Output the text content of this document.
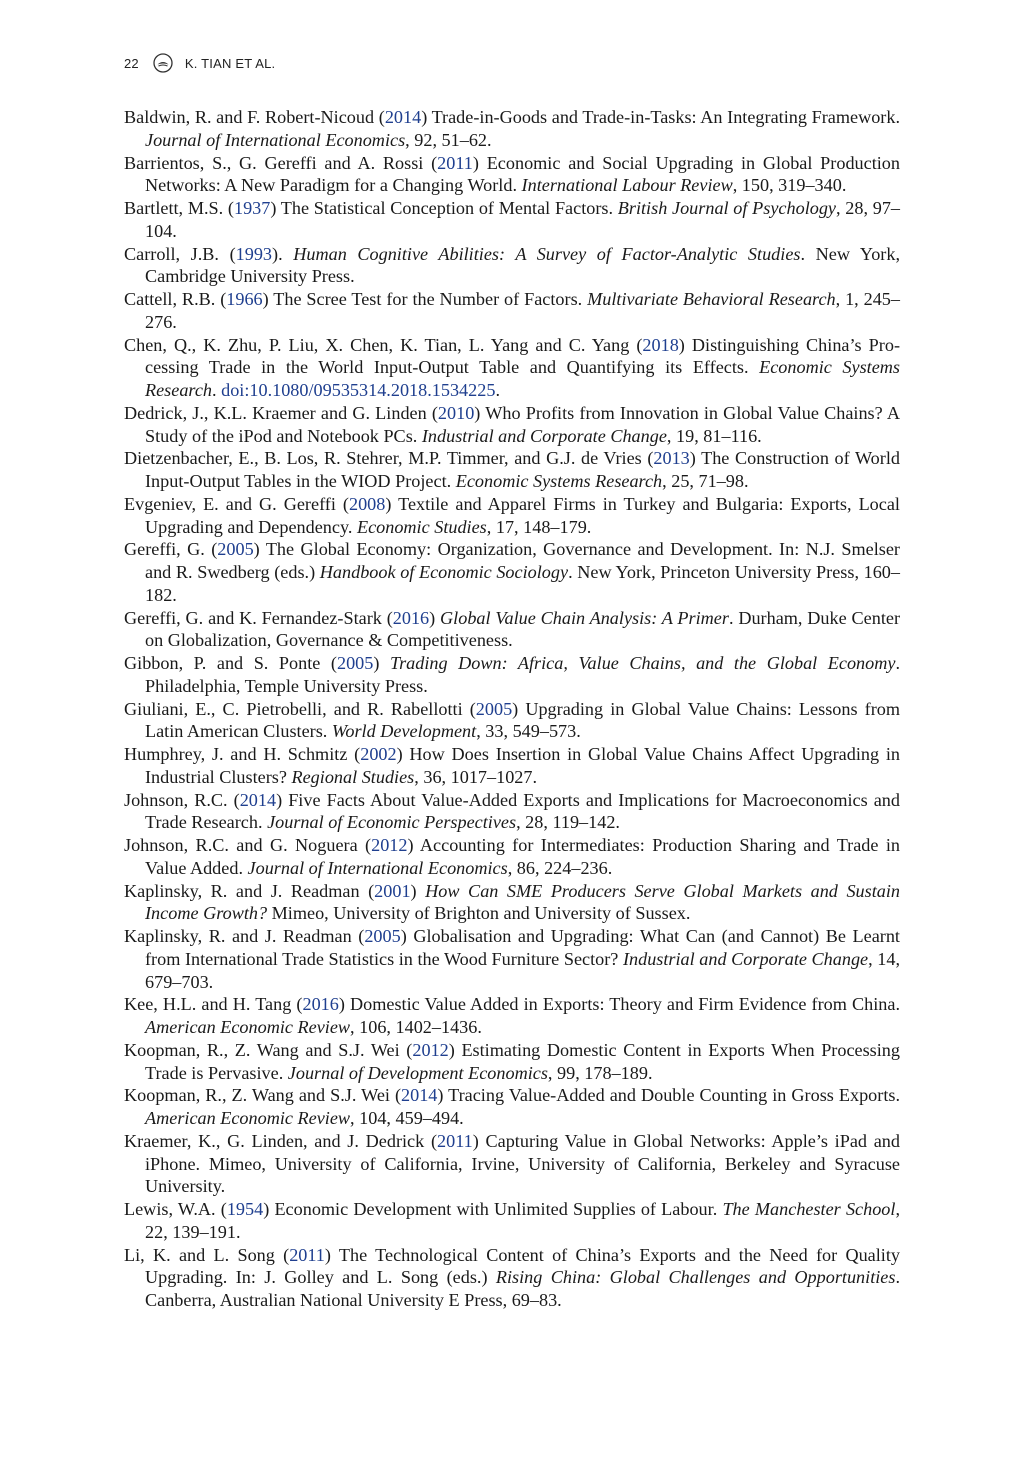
22	K. TIAN ET AL.
Baldwin, R. and F. Robert-Nicoud (2014) Trade-in-Goods and Trade-in-Tasks: An Integrating Framework. Journal of International Economics, 92, 51–62.
Barrientos, S., G. Gereffi and A. Rossi (2011) Economic and Social Upgrading in Global Production Networks: A New Paradigm for a Changing World. International Labour Review, 150, 319–340.
Bartlett, M.S. (1937) The Statistical Conception of Mental Factors. British Journal of Psychology, 28, 97–104.
Carroll, J.B. (1993). Human Cognitive Abilities: A Survey of Factor-Analytic Studies. New York, Cambridge University Press.
Cattell, R.B. (1966) The Scree Test for the Number of Factors. Multivariate Behavioral Research, 1, 245–276.
Chen, Q., K. Zhu, P. Liu, X. Chen, K. Tian, L. Yang and C. Yang (2018) Distinguishing China’s Processing Trade in the World Input-Output Table and Quantifying its Effects. Economic Systems Research. doi:10.1080/09535314.2018.1534225.
Dedrick, J., K.L. Kraemer and G. Linden (2010) Who Profits from Innovation in Global Value Chains? A Study of the iPod and Notebook PCs. Industrial and Corporate Change, 19, 81–116.
Dietzenbacher, E., B. Los, R. Stehrer, M.P. Timmer, and G.J. de Vries (2013) The Construction of World Input-Output Tables in the WIOD Project. Economic Systems Research, 25, 71–98.
Evgeniev, E. and G. Gereffi (2008) Textile and Apparel Firms in Turkey and Bulgaria: Exports, Local Upgrading and Dependency. Economic Studies, 17, 148–179.
Gereffi, G. (2005) The Global Economy: Organization, Governance and Development. In: N.J. Smelser and R. Swedberg (eds.) Handbook of Economic Sociology. New York, Princeton University Press, 160–182.
Gereffi, G. and K. Fernandez-Stark (2016) Global Value Chain Analysis: A Primer. Durham, Duke Center on Globalization, Governance & Competitiveness.
Gibbon, P. and S. Ponte (2005) Trading Down: Africa, Value Chains, and the Global Economy. Philadelphia, Temple University Press.
Giuliani, E., C. Pietrobelli, and R. Rabellotti (2005) Upgrading in Global Value Chains: Lessons from Latin American Clusters. World Development, 33, 549–573.
Humphrey, J. and H. Schmitz (2002) How Does Insertion in Global Value Chains Affect Upgrading in Industrial Clusters? Regional Studies, 36, 1017–1027.
Johnson, R.C. (2014) Five Facts About Value-Added Exports and Implications for Macroeconomics and Trade Research. Journal of Economic Perspectives, 28, 119–142.
Johnson, R.C. and G. Noguera (2012) Accounting for Intermediates: Production Sharing and Trade in Value Added. Journal of International Economics, 86, 224–236.
Kaplinsky, R. and J. Readman (2001) How Can SME Producers Serve Global Markets and Sustain Income Growth? Mimeo, University of Brighton and University of Sussex.
Kaplinsky, R. and J. Readman (2005) Globalisation and Upgrading: What Can (and Cannot) Be Learnt from International Trade Statistics in the Wood Furniture Sector? Industrial and Corporate Change, 14, 679–703.
Kee, H.L. and H. Tang (2016) Domestic Value Added in Exports: Theory and Firm Evidence from China. American Economic Review, 106, 1402–1436.
Koopman, R., Z. Wang and S.J. Wei (2012) Estimating Domestic Content in Exports When Processing Trade is Pervasive. Journal of Development Economics, 99, 178–189.
Koopman, R., Z. Wang and S.J. Wei (2014) Tracing Value-Added and Double Counting in Gross Exports. American Economic Review, 104, 459–494.
Kraemer, K., G. Linden, and J. Dedrick (2011) Capturing Value in Global Networks: Apple’s iPad and iPhone. Mimeo, University of California, Irvine, University of California, Berkeley and Syracuse University.
Lewis, W.A. (1954) Economic Development with Unlimited Supplies of Labour. The Manchester School, 22, 139–191.
Li, K. and L. Song (2011) The Technological Content of China’s Exports and the Need for Quality Upgrading. In: J. Golley and L. Song (eds.) Rising China: Global Challenges and Opportunities. Canberra, Australian National University E Press, 69–83.
